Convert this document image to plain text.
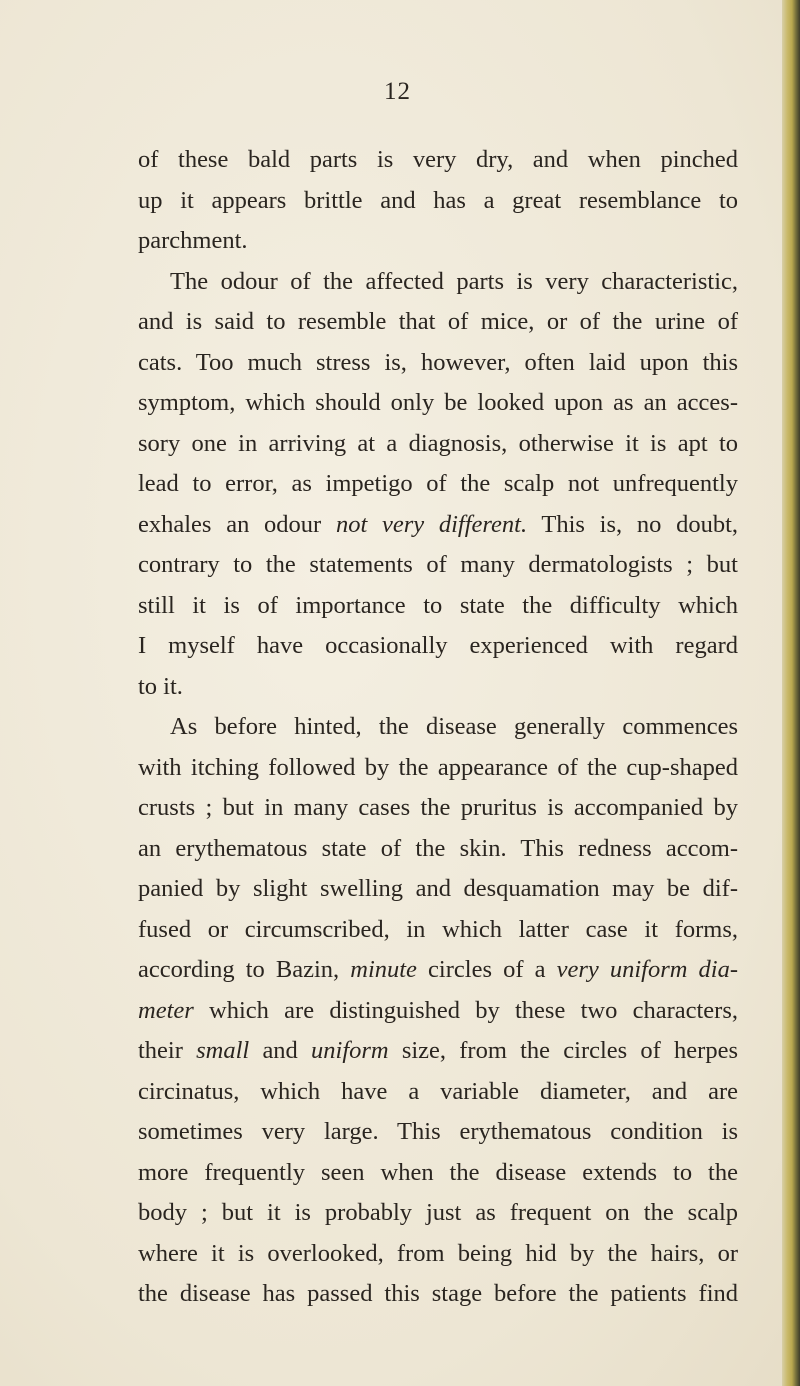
12
of these bald parts is very dry, and when pinched
up it appears brittle and has a great resemblance to
parchment.
The odour of the affected parts is very characteristic,
and is said to resemble that of mice, or of the urine of
cats. Too much stress is, however, often laid upon this
symptom, which should only be looked upon as an acces-
sory one in arriving at a diagnosis, otherwise it is apt to
lead to error, as impetigo of the scalp not unfrequently
exhales an odour not very different. This is, no doubt,
contrary to the statements of many dermatologists ; but
still it is of importance to state the difficulty which
I myself have occasionally experienced with regard
to it.
As before hinted, the disease generally commences
with itching followed by the appearance of the cup-shaped
crusts ; but in many cases the pruritus is accompanied by
an erythematous state of the skin. This redness accom-
panied by slight swelling and desquamation may be dif-
fused or circumscribed, in which latter case it forms,
according to Bazin, minute circles of a very uniform dia-
meter which are distinguished by these two characters,
their small and uniform size, from the circles of herpes
circinatus, which have a variable diameter, and are
sometimes very large. This erythematous condition is
more frequently seen when the disease extends to the
body ; but it is probably just as frequent on the scalp
where it is overlooked, from being hid by the hairs, or
the disease has passed this stage before the patients find
